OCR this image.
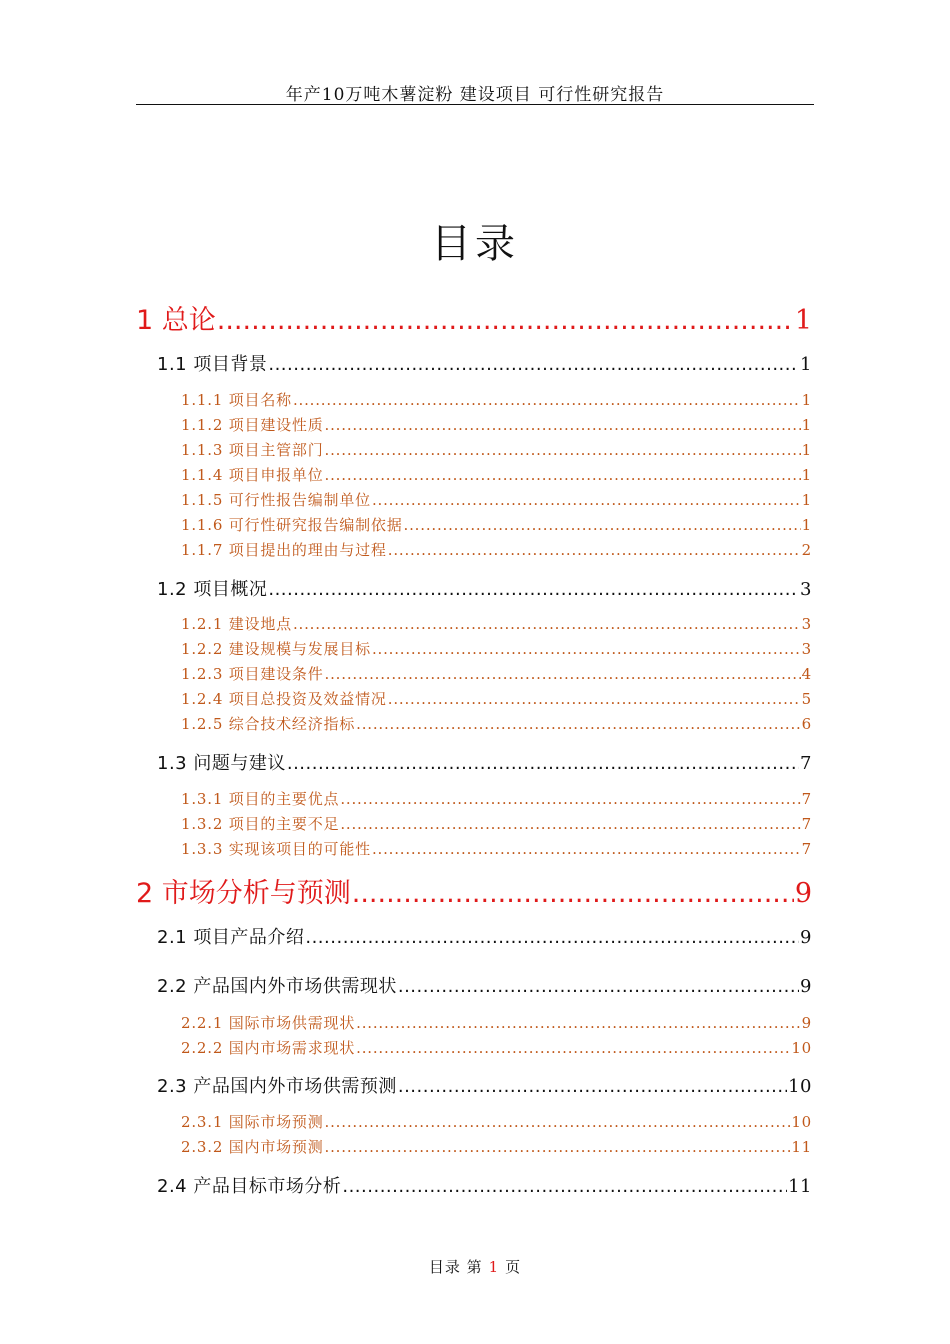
年产10万吨木薯淀粉 建设项目 可行性研究报告
目录
1 总论 .....	1
1.1 项目背景 .....	1
1.1.1 项目名称 .....	1
1.1.2 项目建设性质 .....	1
1.1.3 项目主管部门 .....	1
1.1.4 项目申报单位 .....	1
1.1.5 可行性报告编制单位 .....	1
1.1.6 可行性研究报告编制依据 .....	1
1.1.7 项目提出的理由与过程 .....	2
1.2 项目概况 .....	3
1.2.1 建设地点 .....	3
1.2.2 建设规模与发展目标 .....	3
1.2.3 项目建设条件 .....	4
1.2.4 项目总投资及效益情况 .....	5
1.2.5 综合技术经济指标 .....	6
1.3 问题与建议 .....	7
1.3.1 项目的主要优点 .....	7
1.3.2 项目的主要不足 .....	7
1.3.3 实现该项目的可能性 .....	7
2 市场分析与预测 .....	9
2.1 项目产品介绍 .....	9
2.2 产品国内外市场供需现状 .....	9
2.2.1 国际市场供需现状 .....	9
2.2.2 国内市场需求现状 .....	10
2.3 产品国内外市场供需预测 .....	10
2.3.1 国际市场预测 .....	10
2.3.2 国内市场预测 .....	11
2.4 产品目标市场分析 .....	11
目录 第 1 页
